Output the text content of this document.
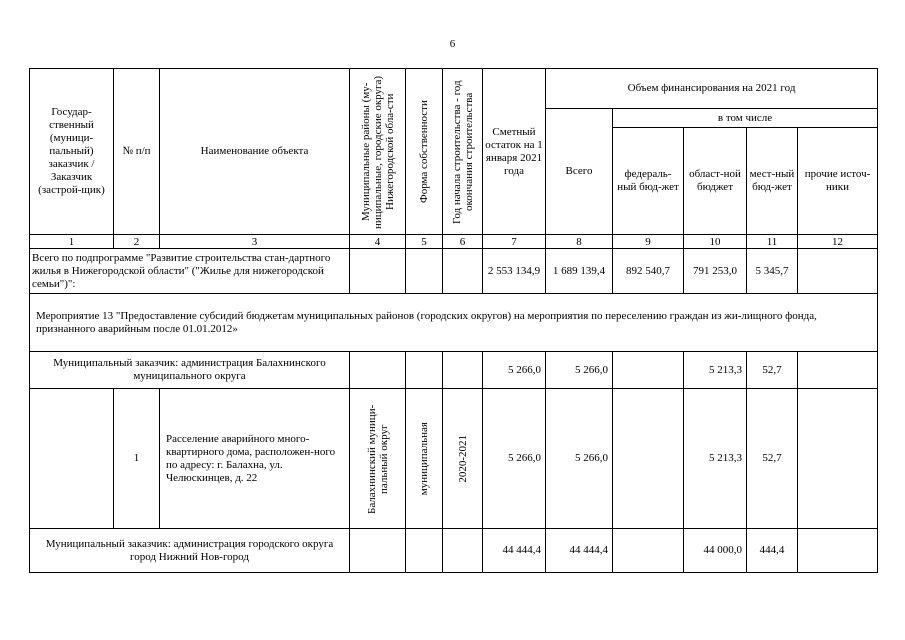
6
Государ-ственный (муници-пальный) заказчик / Заказчик (застрой-щик)	№ п/п	Наименование объекта	Муниципальные районы (му-ниципальные, городские округа) Нижегородской обла-сти	Форма собственности	Год начала строительства - год окончания строительства	Сметный остаток на 1 января 2021 года	Объем финансирования на 2021 год				
							Всего	в том числе			
								федераль-ный бюд-жет	област-ной бюджет	мест-ный бюд-жет	прочие источ-ники
1	2	3	4	5	6	7	8	9	10	11	12
Всего по подпрограмме "Развитие строительства стан-дартного жилья в Нижегородской области" ("Жилье для нижегородской семьи")":						2 553 134,9	1 689 139,4	892 540,7	791 253,0	5 345,7	
Мероприятие 13 "Предоставление субсидий бюджетам муниципальных районов (городских округов) на мероприятия по переселению граждан из жи-лищного фонда, признанного аварийным после 01.01.2012»											
Муниципальный заказчик: администрация Балахнинского муниципального округа						5 266,0	5 266,0		5 213,3	52,7	
	1	Расселение аварийного много-квартирного дома, расположен-ного по адресу: г. Балахна, ул. Челюскинцев, д. 22	Балахнинский муници-пальный округ	муниципальная	2020-2021	5 266,0	5 266,0		5 213,3	52,7	
Муниципальный заказчик: администрация городского округа город Нижний Нов-город						44 444,4	44 444,4		44 000,0	444,4	
